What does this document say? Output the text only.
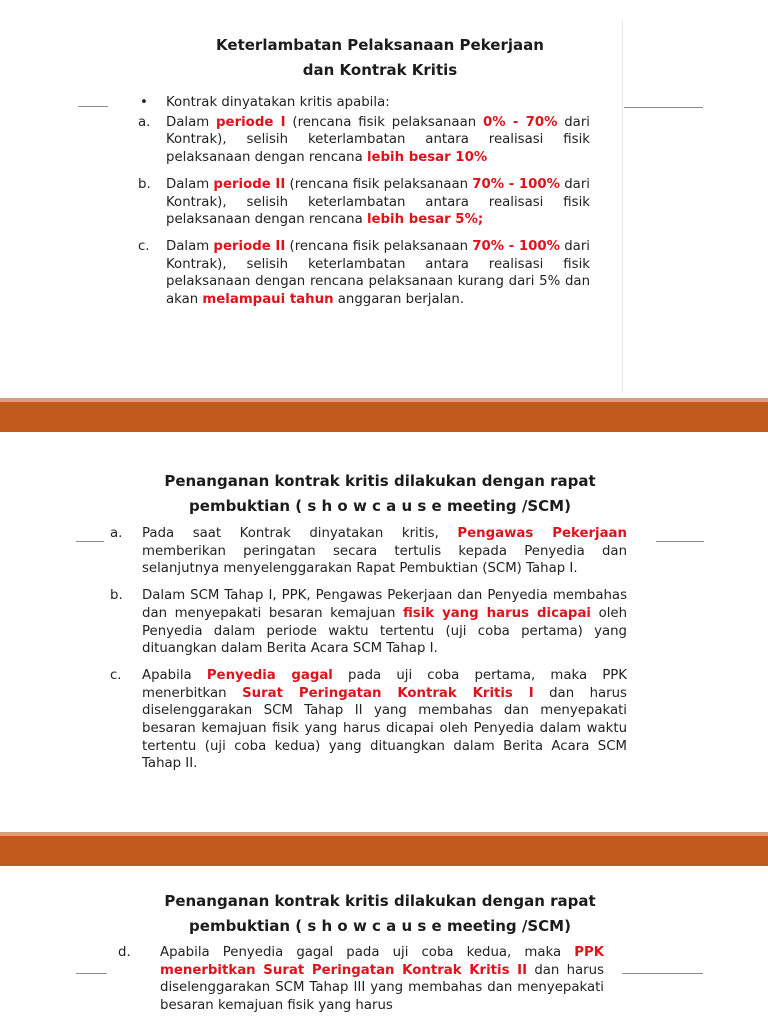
Keterlambatan Pelaksanaan Pekerjaan
dan Kontrak Kritis
•	Kontrak dinyatakan kritis apabila:
a.	Dalam periode I (rencana fisik pelaksanaan 0% - 70% dari Kontrak), selisih keterlambatan antara realisasi fisik pelaksanaan dengan rencana lebih besar 10%
b.	Dalam periode II (rencana fisik pelaksanaan 70% - 100% dari Kontrak), selisih keterlambatan antara realisasi fisik pelaksanaan dengan rencana lebih besar 5%;
c.	Dalam periode II (rencana fisik pelaksanaan 70% - 100% dari Kontrak), selisih keterlambatan antara realisasi fisik pelaksanaan dengan rencana pelaksanaan kurang dari 5% dan akan melampaui tahun anggaran berjalan.
Penanganan kontrak kritis dilakukan dengan rapat
pembuktian ( s h o w c a u s e meeting /SCM)
a.	Pada saat Kontrak dinyatakan kritis, Pengawas Pekerjaan memberikan peringatan secara tertulis kepada Penyedia dan selanjutnya menyelenggarakan Rapat Pembuktian (SCM) Tahap I.
b.	Dalam SCM Tahap I, PPK, Pengawas Pekerjaan dan Penyedia membahas dan menyepakati besaran kemajuan fisik yang harus dicapai oleh Penyedia dalam periode waktu tertentu (uji coba pertama) yang dituangkan dalam Berita Acara SCM Tahap I.
c.	Apabila Penyedia gagal pada uji coba pertama, maka PPK menerbitkan Surat Peringatan Kontrak Kritis I dan harus diselenggarakan SCM Tahap II yang membahas dan menyepakati besaran kemajuan fisik yang harus dicapai oleh Penyedia dalam waktu tertentu (uji coba kedua) yang dituangkan dalam Berita Acara SCM Tahap II.
Penanganan kontrak kritis dilakukan dengan rapat
pembuktian ( s h o w c a u s e meeting /SCM)
d.	Apabila Penyedia gagal pada uji coba kedua, maka PPK menerbitkan Surat Peringatan Kontrak Kritis II dan harus diselenggarakan SCM Tahap III yang membahas dan menyepakati besaran kemajuan fisik yang harus
